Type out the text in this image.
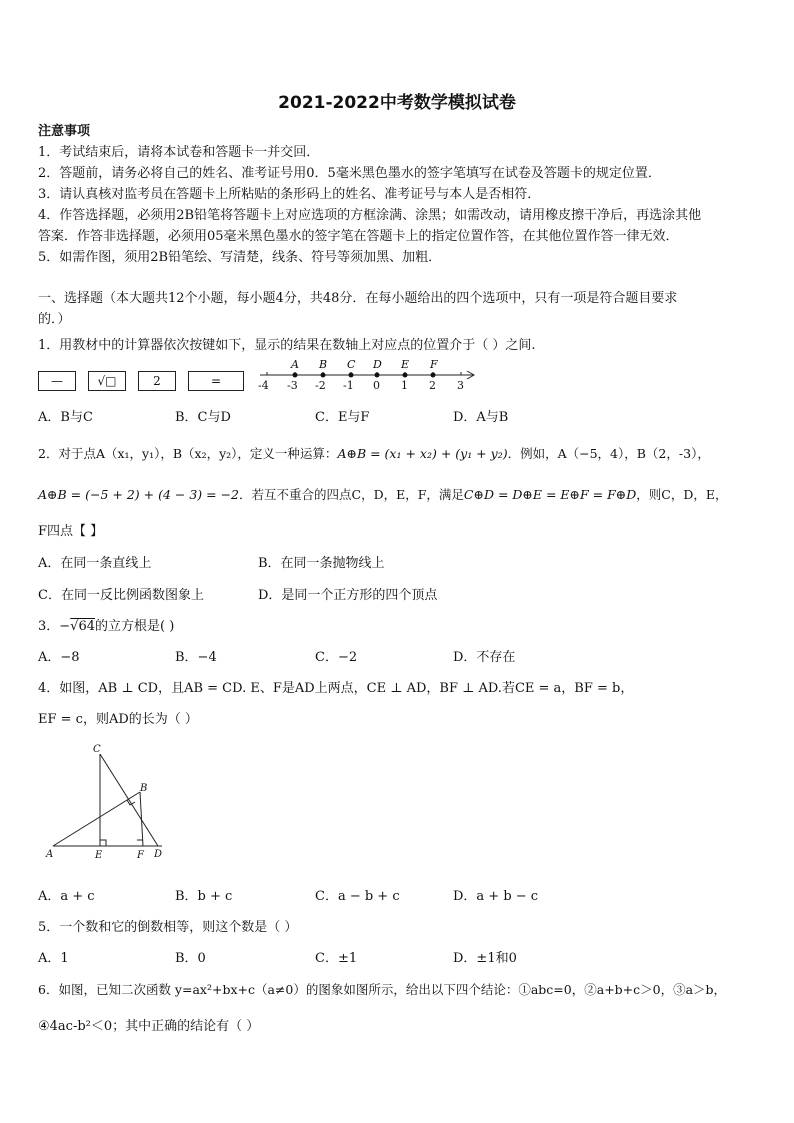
2021-2022中考数学模拟试卷
注意事项
1．考试结束后，请将本试卷和答题卡一并交回．
2．答题前，请务必将自己的姓名、准考证号用0．5毫米黑色墨水的签字笔填写在试卷及答题卡的规定位置．
3．请认真核对监考员在答题卡上所粘贴的条形码上的姓名、准考证号与本人是否相符．
4．作答选择题，必须用2B铅笔将答题卡上对应选项的方框涂满、涂黑；如需改动，请用橡皮擦干净后，再选涂其他
答案．作答非选择题，必须用05毫米黑色墨水的签字笔在答题卡上的指定位置作答，在其他位置作答一律无效．
5．如需作图，须用2B铅笔绘、写清楚，线条、符号等须加黑、加粗．
一、选择题（本大题共12个小题，每小题4分，共48分．在每小题给出的四个选项中，只有一项是符合题目要求
的．）
1．用教材中的计算器依次按键如下，显示的结果在数轴上对应点的位置介于（ ）之间.
—	√□	2	=	-4 -3 -2 -1 0 1 2 3
A B C D E F
A．B与C	B．C与D	C．E与F	D．A与B
2．对于点A（x₁，y₁），B（x₂，y₂），定义一种运算：A⊕B = (x₁ + x₂) + (y₁ + y₂)．例如，A（−5，4），B（2，-3），
A⊕B = (−5 + 2) + (4 − 3) = −2．若互不重合的四点C，D，E，F，满足C⊕D = D⊕E = E⊕F = F⊕D，则C，D，E，
F四点【 】
A．在同一条直线上	B．在同一条抛物线上
C．在同一反比例函数图象上	D．是同一个正方形的四个顶点
3．−√64的立方根是( )
A．−8	B．−4	C．−2	D．不存在
4．如图，AB ⊥ CD，且AB = CD. E、F是AD上两点，CE ⊥ AD，BF ⊥ AD.若CE = a，BF = b，
EF = c，则AD的长为（ ）
C
B
A	E	F D
A．a + c	B．b + c	C．a − b + c	D．a + b − c
5．一个数和它的倒数相等，则这个数是（ ）
A．1	B．0	C．±1	D．±1和0
6．如图，已知二次函数 y=ax²+bx+c（a≠0）的图象如图所示，给出以下四个结论：①abc=0，②a+b+c＞0，③a＞b，
④4ac-b²＜0；其中正确的结论有（ ）
